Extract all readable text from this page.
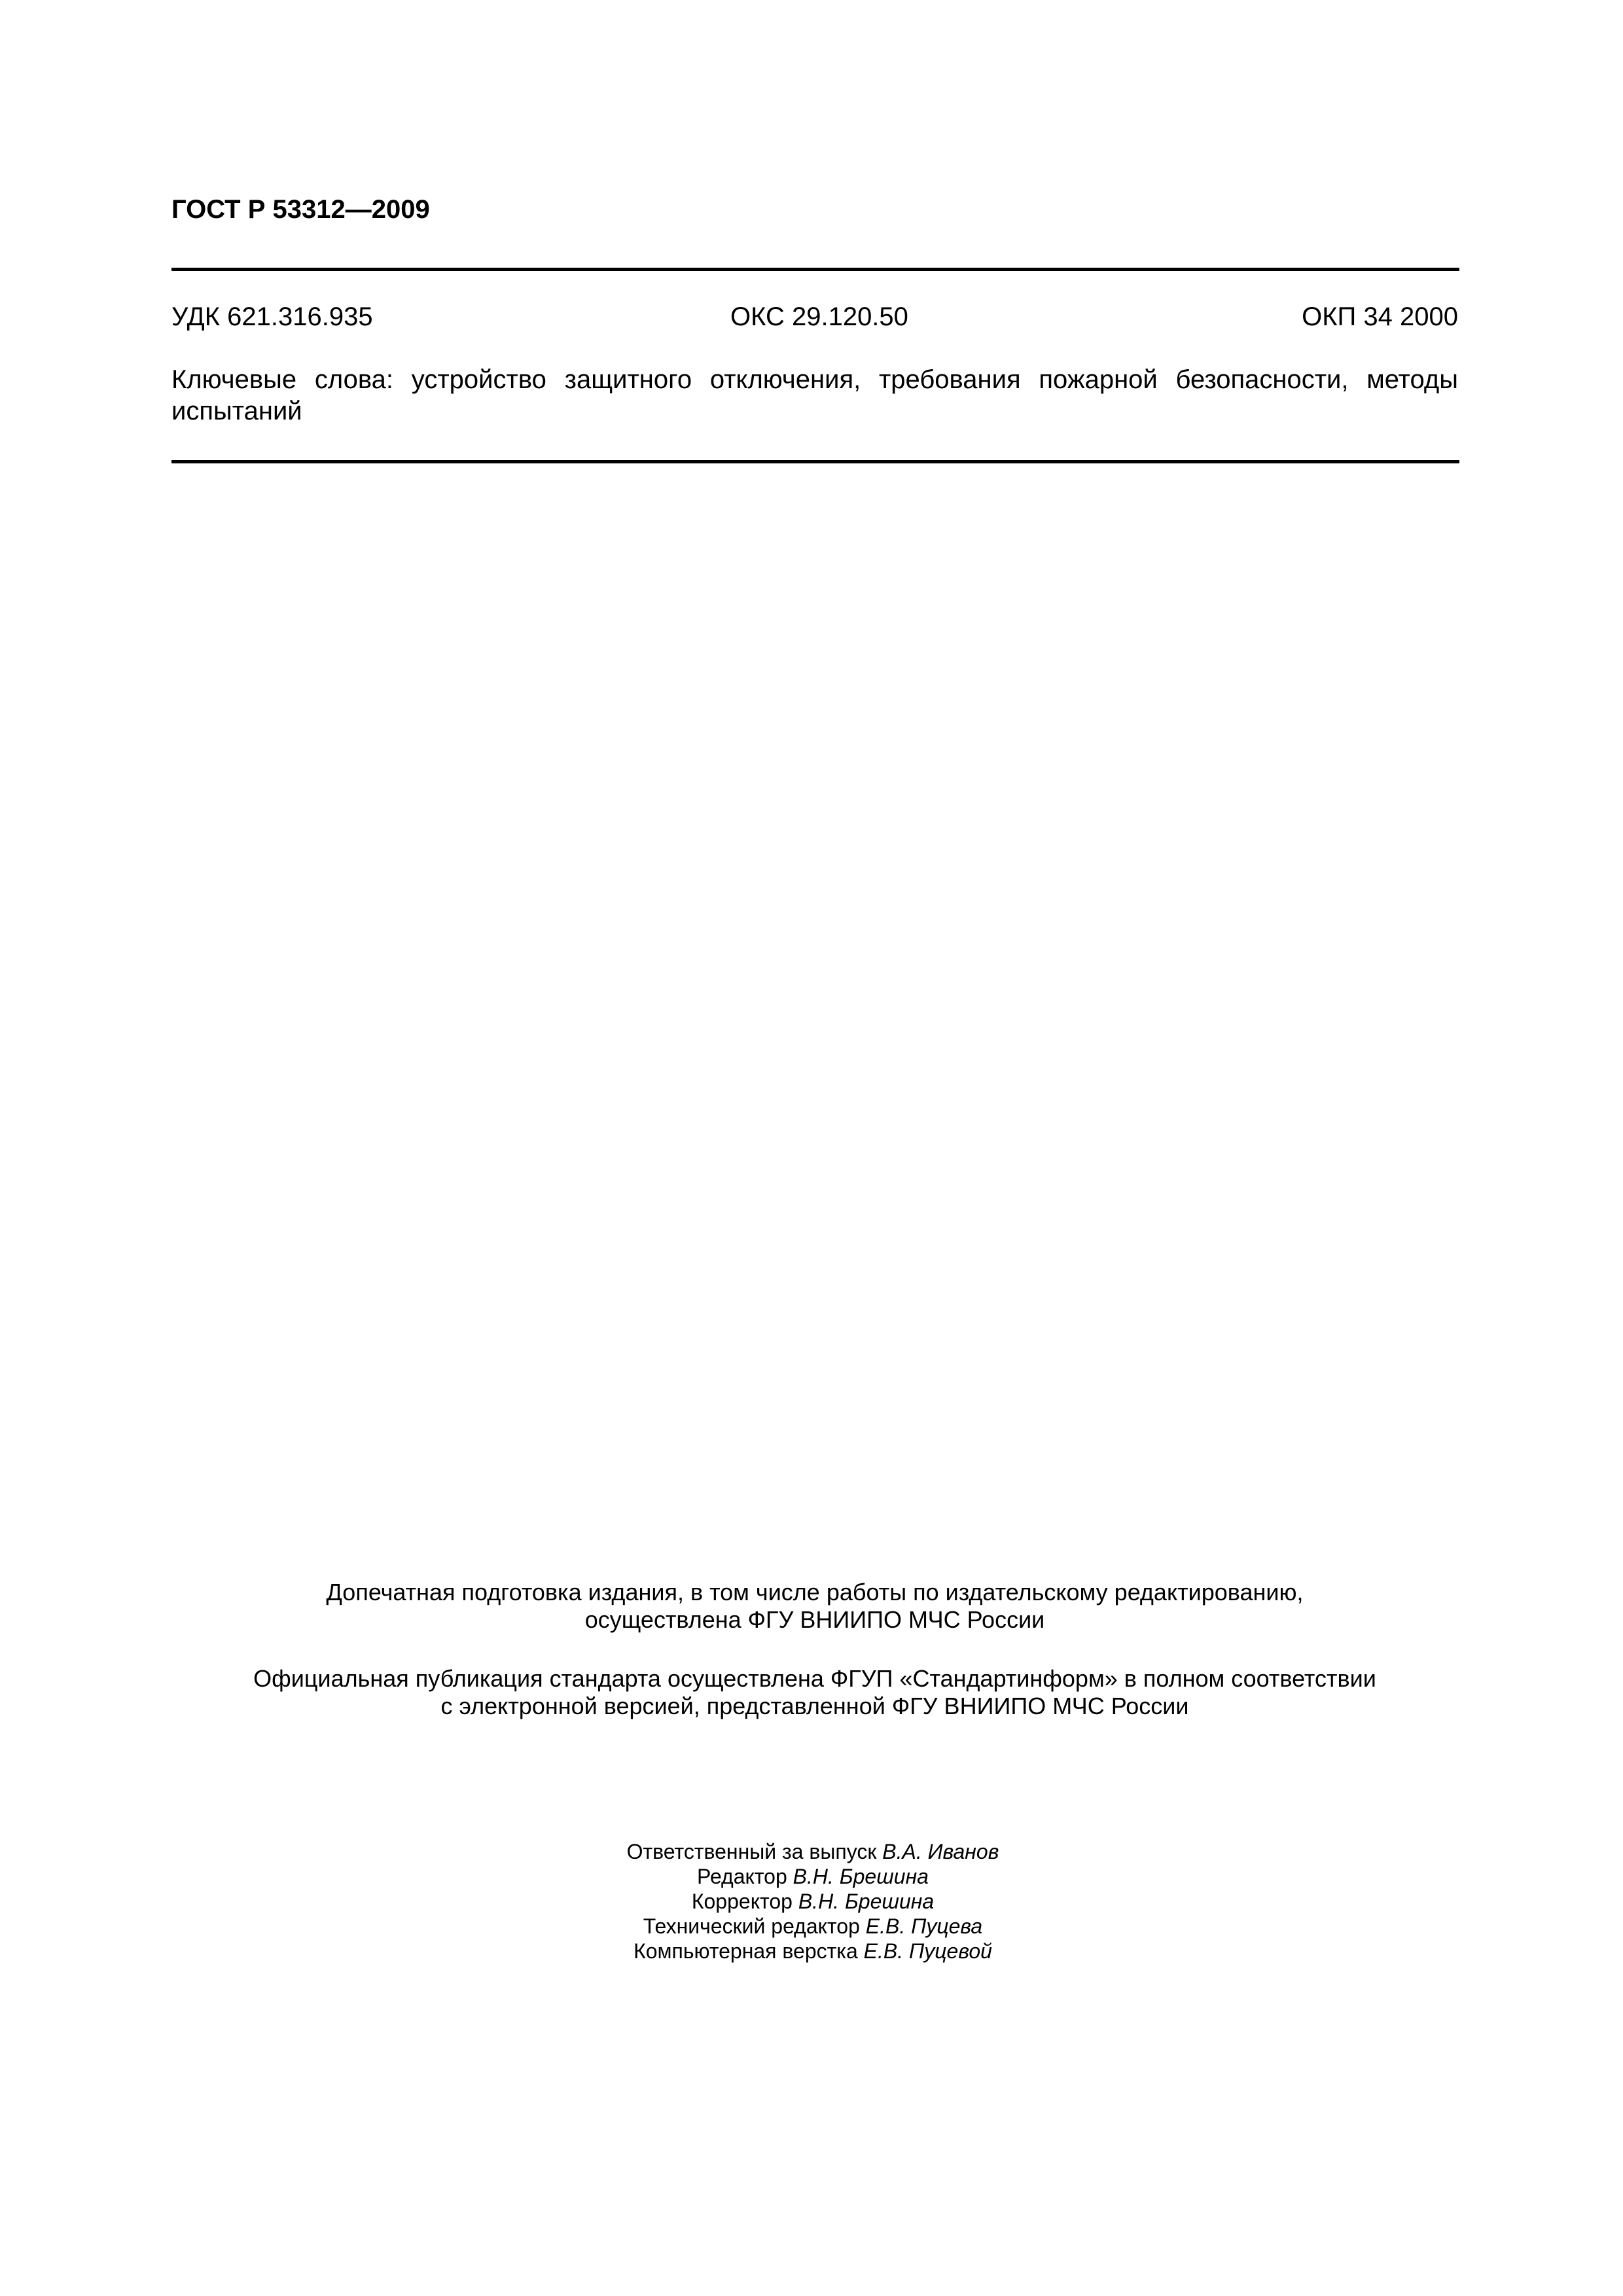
ГОСТ Р 53312—2009
УДК 621.316.935	ОКС 29.120.50	ОКП 34 2000
Ключевые слова: устройство защитного отключения, требования пожарной безопасности, методы
испытаний
Допечатная подготовка издания, в том числе работы по издательскому редактированию,
осуществлена ФГУ ВНИИПО МЧС России
Официальная публикация стандарта осуществлена ФГУП «Стандартинформ» в полном соответствии
с электронной версией, представленной ФГУ ВНИИПО МЧС России
Ответственный за выпуск В.А. Иванов
Редактор В.Н. Брешина
Корректор В.Н. Брешина
Технический редактор Е.В. Пуцева
Компьютерная верстка Е.В. Пуцевой
